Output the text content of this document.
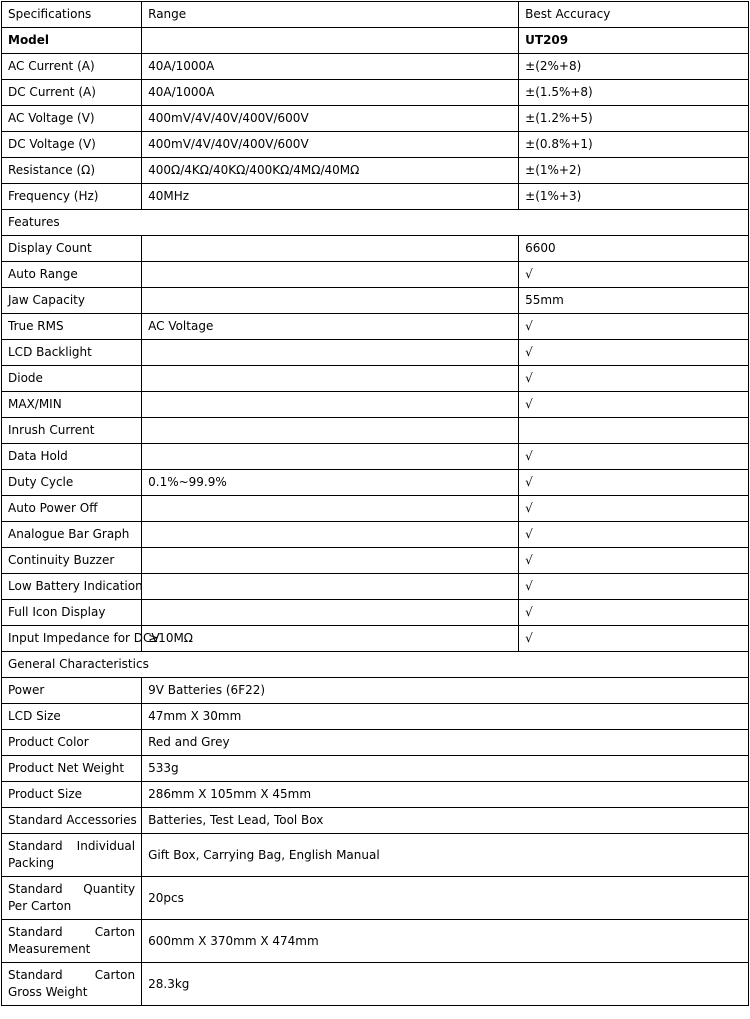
Specifications	Range	Best Accuracy
Model		UT209
AC Current (A)	40A/1000A	±(2%+8)
DC Current (A)	40A/1000A	±(1.5%+8)
AC Voltage (V)	400mV/4V/40V/400V/600V	±(1.2%+5)
DC Voltage (V)	400mV/4V/40V/400V/600V	±(0.8%+1)
Resistance (Ω)	400Ω/4KΩ/40KΩ/400KΩ/4MΩ/40MΩ	±(1%+2)
Frequency (Hz)	40MHz	±(1%+3)
Features		
Display Count		6600
Auto Range		√
Jaw Capacity		55mm
True RMS	AC Voltage	√
LCD Backlight		√
Diode		√
MAX/MIN		√
Inrush Current		
Data Hold		√
Duty Cycle	0.1%~99.9%	√
Auto Power Off		√
Analogue Bar Graph		√
Continuity Buzzer		√
Low Battery Indication		√
Full Icon Display		√
Input Impedance for DCV	≥10MΩ	√
General Characteristics		
Power	9V Batteries (6F22)	
LCD Size	47mm X 30mm	
Product Color	Red and Grey	
Product Net Weight	533g	
Product Size	286mm X 105mm X 45mm	
Standard Accessories	Batteries, Test Lead, Tool Box	
Standard Individual Packing	Gift Box, Carrying Bag, English Manual	
Standard Quantity Per Carton	20pcs	
Standard Carton Measurement	600mm X 370mm X 474mm	
Standard Carton Gross Weight	28.3kg	
